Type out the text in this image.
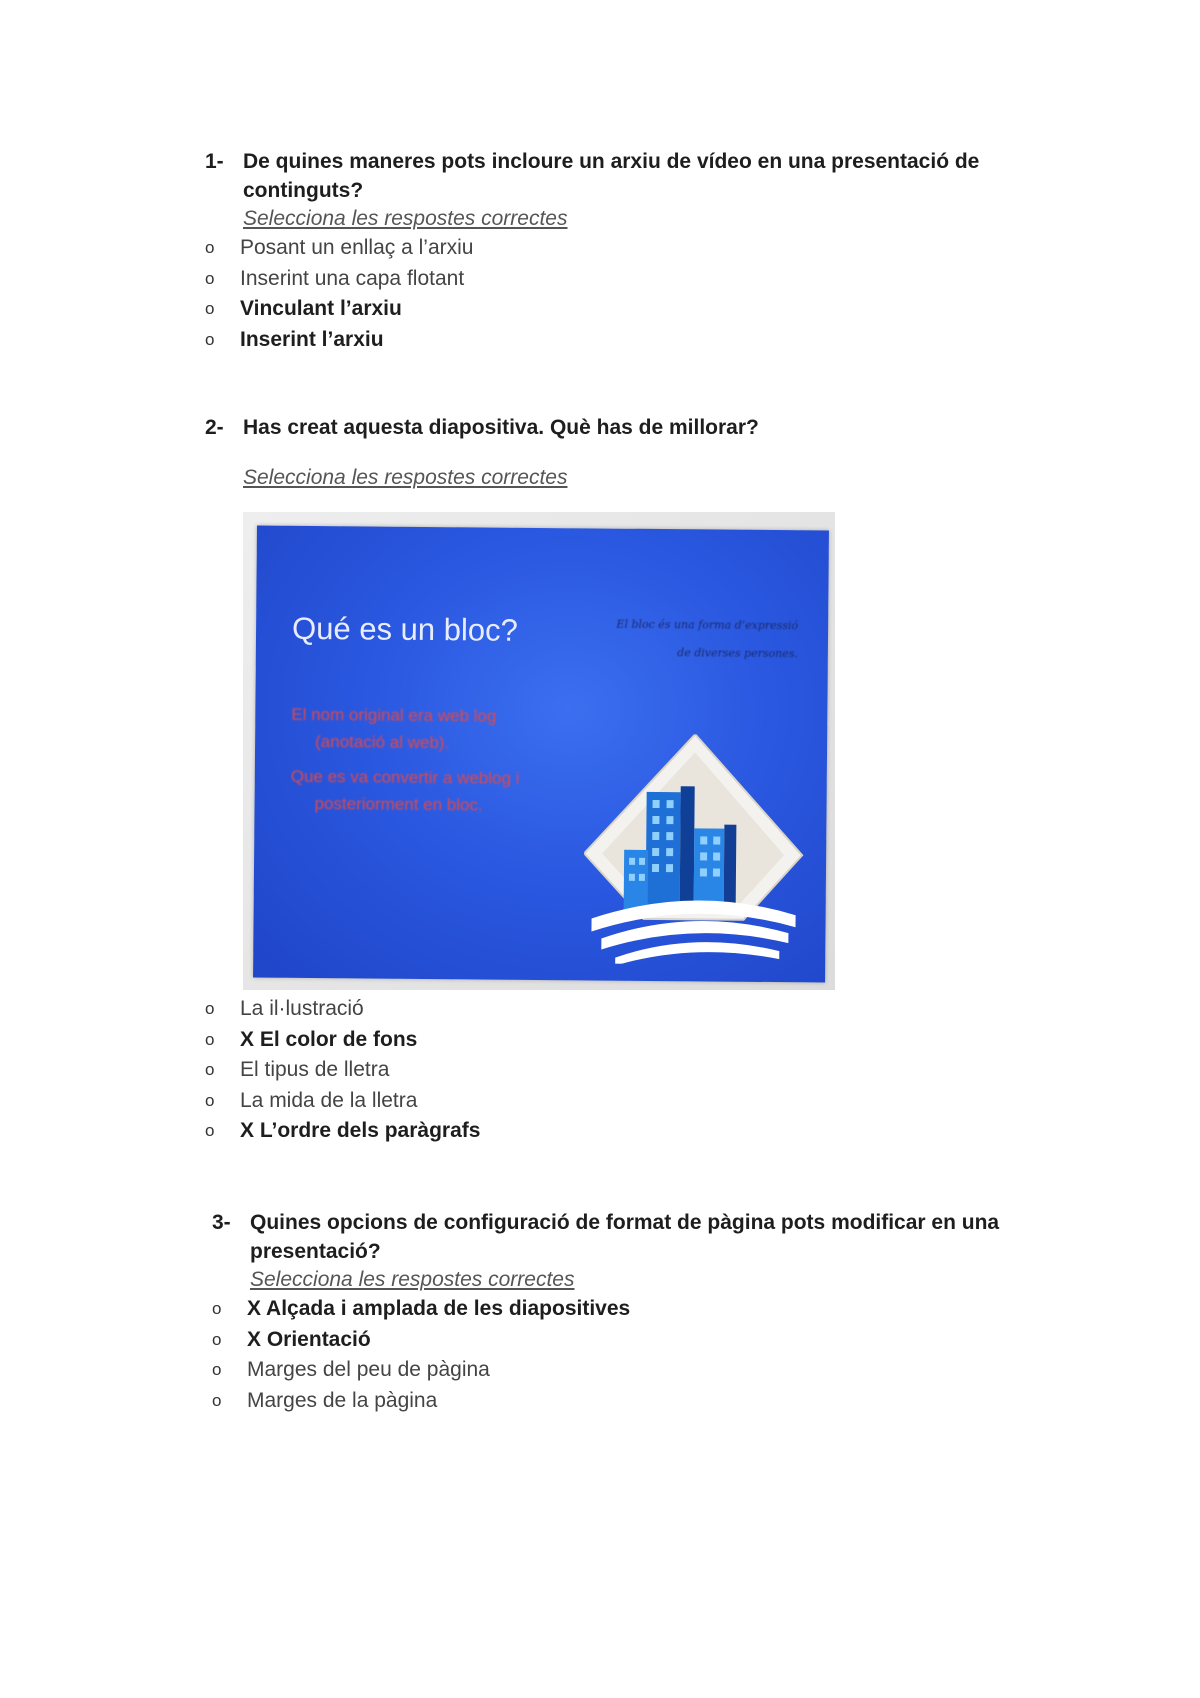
1- De quines maneres pots incloure un arxiu de vídeo en una presentació de continguts?
Selecciona les respostes correctes
o	Posant un enllaç a l’arxiu
o	Inserint una capa flotant
o	Vinculant l’arxiu
o	Inserint l’arxiu
2- Has creat aquesta diapositiva. Què has de millorar?
Selecciona les respostes correctes
Qué es un bloc?

El nom original era web log (anotació al web).

Que es va convertir a weblog i posteriorment en bloc.

El bloc és una forma d’expressió
de diverses persones.
o	La il·lustració
o	X El color de fons
o	El tipus de lletra
o	La mida de la lletra
o	X L’ordre dels paràgrafs
3- Quines opcions de configuració de format de pàgina pots modificar en una presentació?
Selecciona les respostes correctes
o	X Alçada i amplada de les diapositives
o	X Orientació
o	Marges del peu de pàgina
o	Marges de la pàgina
